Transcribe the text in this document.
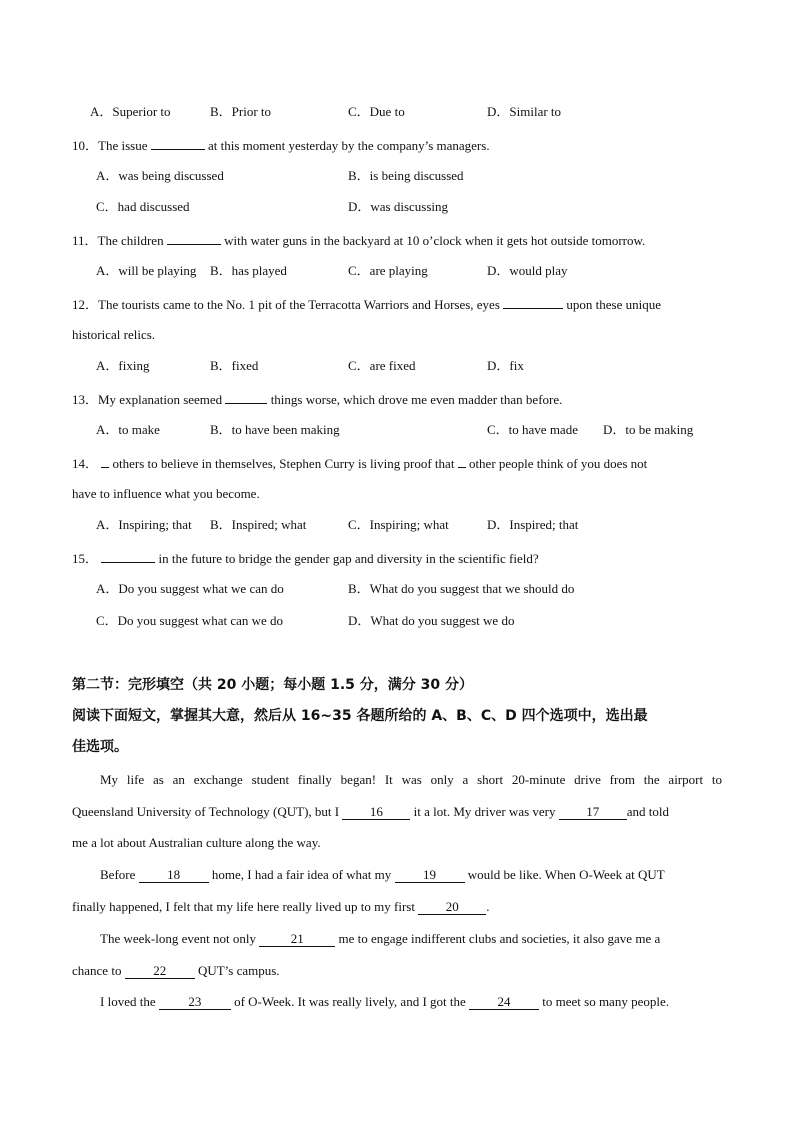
A．Superior to	B．Prior to	C．Due to	D．Similar to
10．The issue	at this moment yesterday by the company’s managers.
A．was being discussed	B．is being discussed
C．had discussed	D．was discussing
11．The children	with water guns in the backyard at 10 o’clock when it gets hot outside tomorrow.
A．will be playing B．has played	C．are playing	D．would play
12．The tourists came to the No. 1 pit of the Terracotta Warriors and Horses, eyes	upon these unique
historical relics.
A．fixing	B．fixed	C．are fixed	D．fix
13．My explanation seemed	things worse, which drove me even madder than before.
A．to make	B．to have been making	C．to have made D．to be making
14． others to believe in themselves, Stephen Curry is living proof that other people think of you does not
have to influence what you become.
A．Inspiring; that B．Inspired; what	C．Inspiring; what	D．Inspired; that
15．	in the future to bridge the gender gap and diversity in the scientific field?
A．Do you suggest what we can do	B．What do you suggest that we should do
C．Do you suggest what can we do	D．What do you suggest we do
第二节：完形填空（共 20 小题；每小题 1.5 分，满分 30 分）
阅读下面短文，掌握其大意，然后从 16~35 各题所给的 A、B、C、D 四个选项中，选出最
佳选项。
My life as an exchange student finally began! It was only a short 20-minute drive from the airport to
Queensland University of Technology (QUT), but I 16 it a lot. My driver was very 17 and told
me a lot about Australian culture along the way.
Before 18 home, I had a fair idea of what my 19 would be like. When O-Week at QUT
finally happened, I felt that my life here really lived up to my first 20 .
The week-long event not only	21	me to engage indifferent clubs and societies, it also gave me a
chance to 22 QUT’s campus.
I loved the	23	of O-Week. It was really lively, and I got the 24 to meet so many people.
